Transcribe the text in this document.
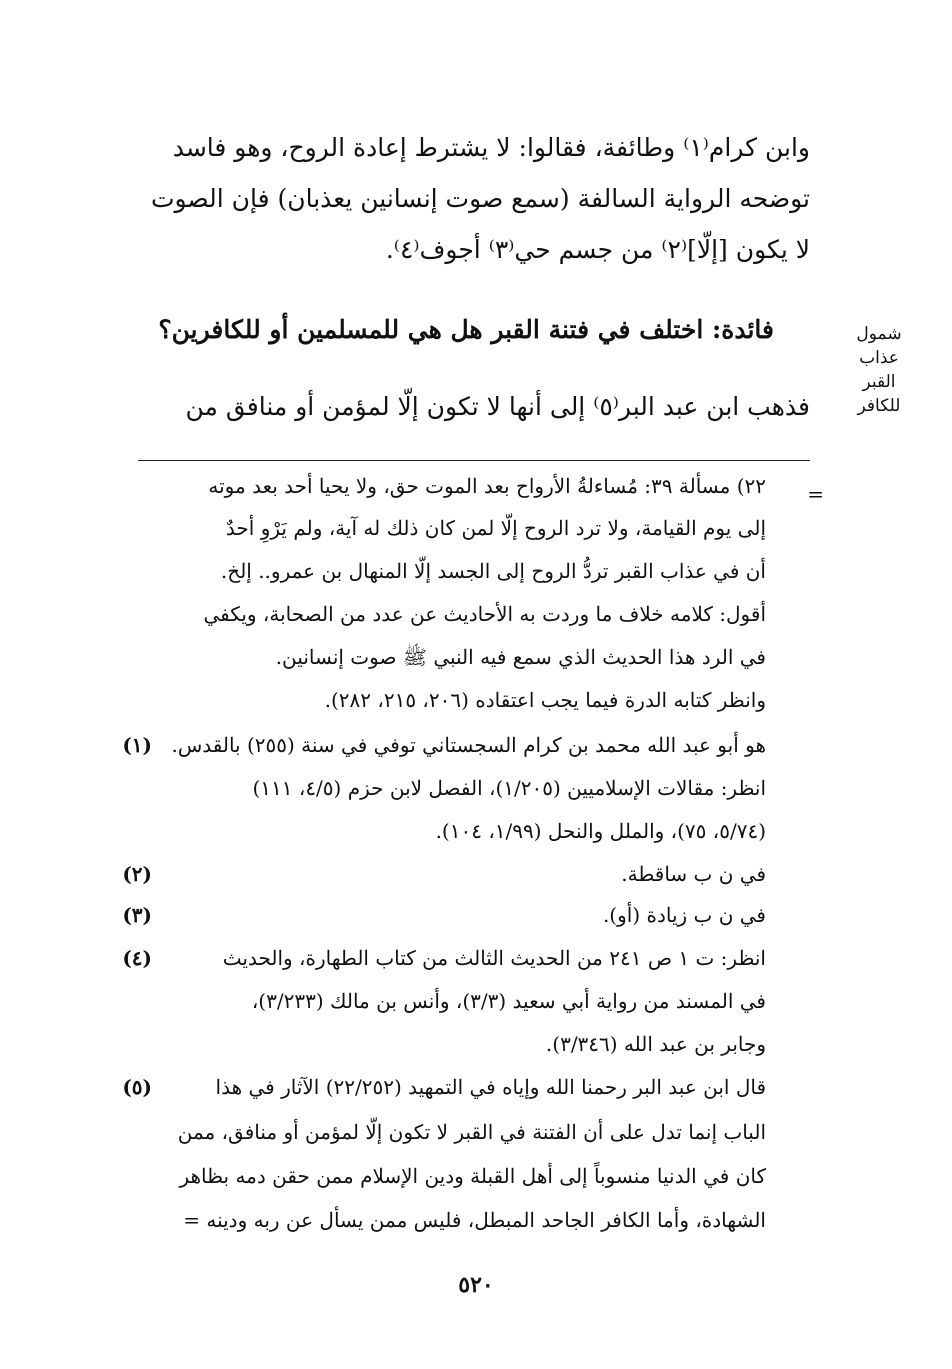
وابن كرام⁽١⁾ وطائفة، فقالوا: لا يشترط إعادة الروح، وهو فاسد
توضحه الرواية السالفة (سمع صوت إنسانين يعذبان) فإن الصوت
لا يكون [إلّا]⁽٢⁾ من جسم حي⁽٣⁾ أجوف⁽٤⁾.
فائدة: اختلف في فتنة القبر هل هي للمسلمين أو للكافرين؟	شمول عذاب القبر للكافر
فذهب ابن عبد البر⁽٥⁾ إلى أنها لا تكون إلّا لمؤمن أو منافق من
=
٢٢) مسألة ٣٩: مُساءلةُ الأرواح بعد الموت حق، ولا يحيا أحد بعد موته
إلى يوم القيامة، ولا ترد الروح إلّا لمن كان ذلك له آية، ولم يَرْوِ أحدٌ
أن في عذاب القبر تردُّ الروح إلى الجسد إلّا المنهال بن عمرو.. إلخ.
أقول: كلامه خلاف ما وردت به الأحاديث عن عدد من الصحابة، ويكفي
في الرد هذا الحديث الذي سمع فيه النبي ﷺ صوت إنسانين.
وانظر كتابه الدرة فيما يجب اعتقاده (٢٠٦، ٢١٥، ٢٨٢).
(١) هو أبو عبد الله محمد بن كرام السجستاني توفي في سنة (٢٥٥) بالقدس.
انظر: مقالات الإسلاميين (١/٢٠٥)، الفصل لابن حزم (٤/٥، ١١١)
(٥/٧٤، ٧٥)، والملل والنحل (١/٩٩، ١٠٤).
(٢)	في ن ب ساقطة.
(٣)	في ن ب زيادة (أو).
(٤)	انظر: ت ١ ص ٢٤١ من الحديث الثالث من كتاب الطهارة، والحديث
في المسند من رواية أبي سعيد (٣/٣)، وأنس بن مالك (٣/٢٣٣)،
وجابر بن عبد الله (٣/٣٤٦).
(٥)	قال ابن عبد البر رحمنا الله وإياه في التمهيد (٢٢/٢٥٢) الآثار في هذا
الباب إنما تدل على أن الفتنة في القبر لا تكون إلّا لمؤمن أو منافق، ممن
كان في الدنيا منسوباً إلى أهل القبلة ودين الإسلام ممن حقن دمه بظاهر
الشهادة، وأما الكافر الجاحد المبطل، فليس ممن يسأل عن ربه ودينه =
٥٢٠
